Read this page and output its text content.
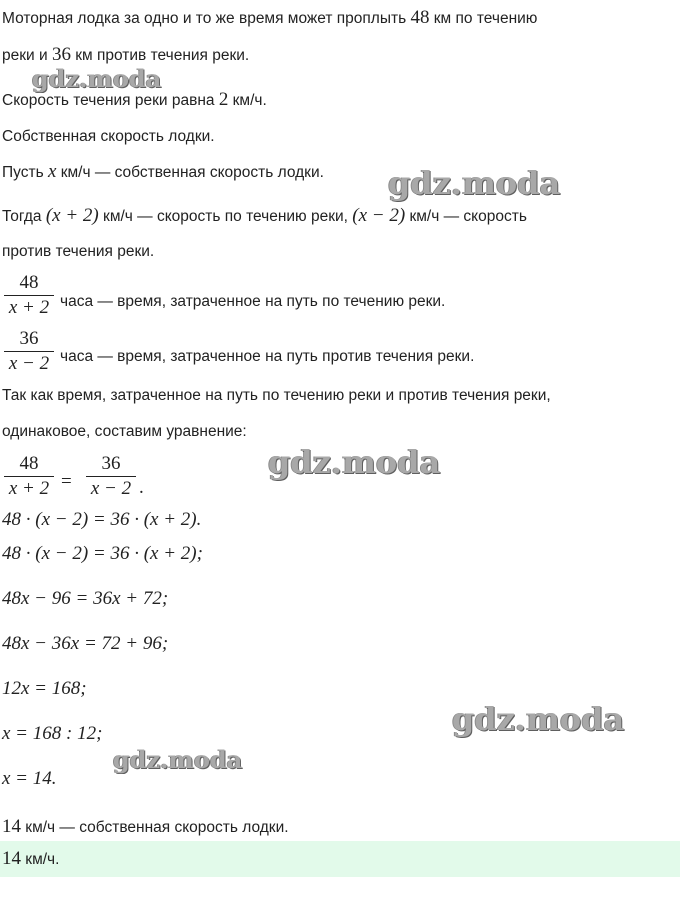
Моторная лодка за одно и то же время может проплыть 48 км по течению
реки и 36 км против течения реки.
Скорость течения реки равна 2 км/ч.
Собственная скорость лодки.
Пусть x км/ч — собственная скорость лодки.
Тогда (x + 2) км/ч — скорость по течению реки, (x − 2) км/ч — скорость
против течения реки.
48
x + 2 часа — время, затраченное на путь по течению реки.
36
x − 2 часа — время, затраченное на путь против течения реки.
Так как время, затраченное на путь по течению реки и против течения реки,
одинаковое, составим уравнение:
48
x + 2 =
36
x − 2 .
48 · (x − 2) = 36 · (x + 2).
48 · (x − 2) = 36 · (x + 2);
48x − 96 = 36x + 72;
48x − 36x = 72 + 96;
12x = 168;
x = 168 : 12;
x = 14.
14 км/ч — собственная скорость лодки.
14 км/ч.
gdz.moda
gdz.moda
gdz.moda
gdz.moda
gdz.moda
